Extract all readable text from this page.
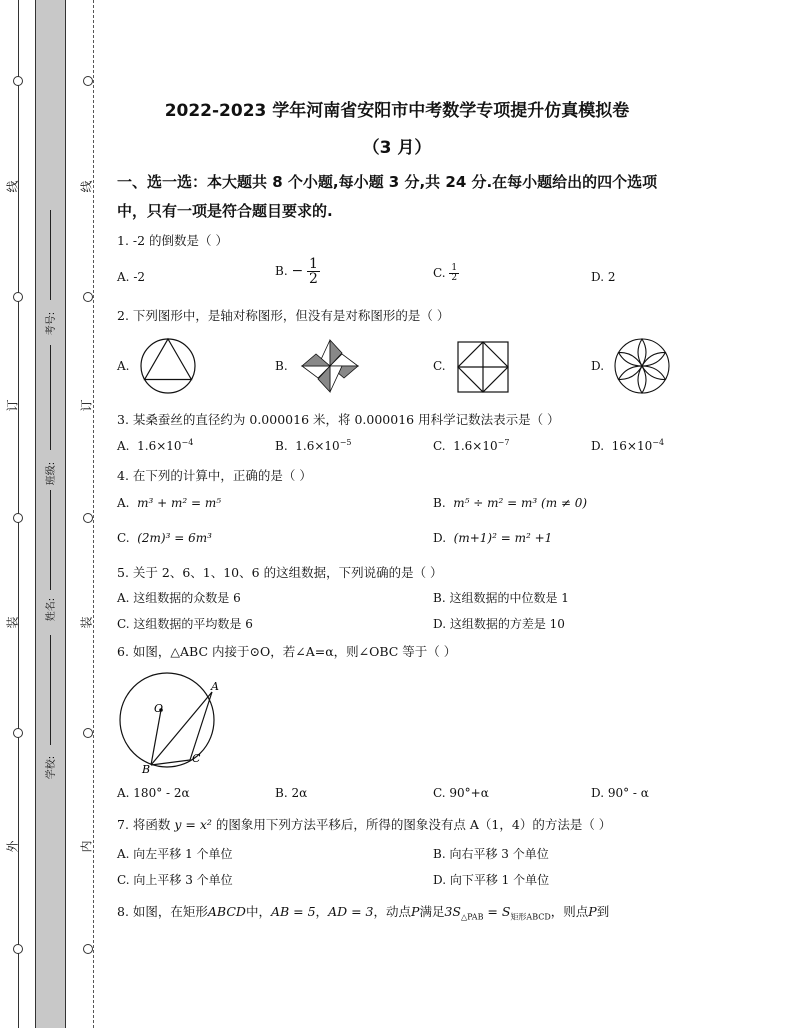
线
订
装
外
线
订
装
内
考号:
班级:
姓名:
学校:
2022-2023 学年河南省安阳市中考数学专项提升仿真模拟卷
（3 月）
一、选一选：本大题共 8 个小题,每小题 3 分,共 24 分.在每小题给出的四个选项
中，只有一项是符合题目要求的.
1. -2 的倒数是（ ）
A. -2	B. − $\frac{1}{2}$	C. $\frac{1}{2}$	D. 2
2. 下列图形中，是轴对称图形，但没有是对称图形的是（ ）
A.	B.	C.	D.
3. 某桑蚕丝的直径约为 0.000016 米，将 0.000016 用科学记数法表示是（ ）
A. $1.6\times 10^{-4}$	B. $1.6\times 10^{-5}$	C. $1.6\times 10^{-7}$	D. $16\times 10^{-4}$
4. 在下列的计算中，正确的是（ ）
A. m³ + m² = m⁵	B. m⁵ ÷ m² = m³ (m ≠ 0)
C. (2m)³ = 6m³	D. (m+1)² = m² +1
5. 关于 2、6、1、10、6 的这组数据，下列说确的是（ ）
A. 这组数据的众数是 6	B. 这组数据的中位数是 1
C. 这组数据的平均数是 6	D. 这组数据的方差是 10
6. 如图，△ABC 内接于⊙O，若∠A=α，则∠OBC 等于（ ）
O
A
B
C
A. 180° - 2α	B. 2α	C. 90°+α	D. 90° - α
7. 将函数 y = x² 的图象用下列方法平移后，所得的图象没有点 A（1，4）的方法是（ ）
A. 向左平移 1 个单位	B. 向右平移 3 个单位
C. 向上平移 3 个单位	D. 向下平移 1 个单位
8. 如图，在矩形ABCD中，AB = 5，AD = 3，动点P满足$3S_{\triangle PAB} = S_{矩形ABCD}$，则点P到
